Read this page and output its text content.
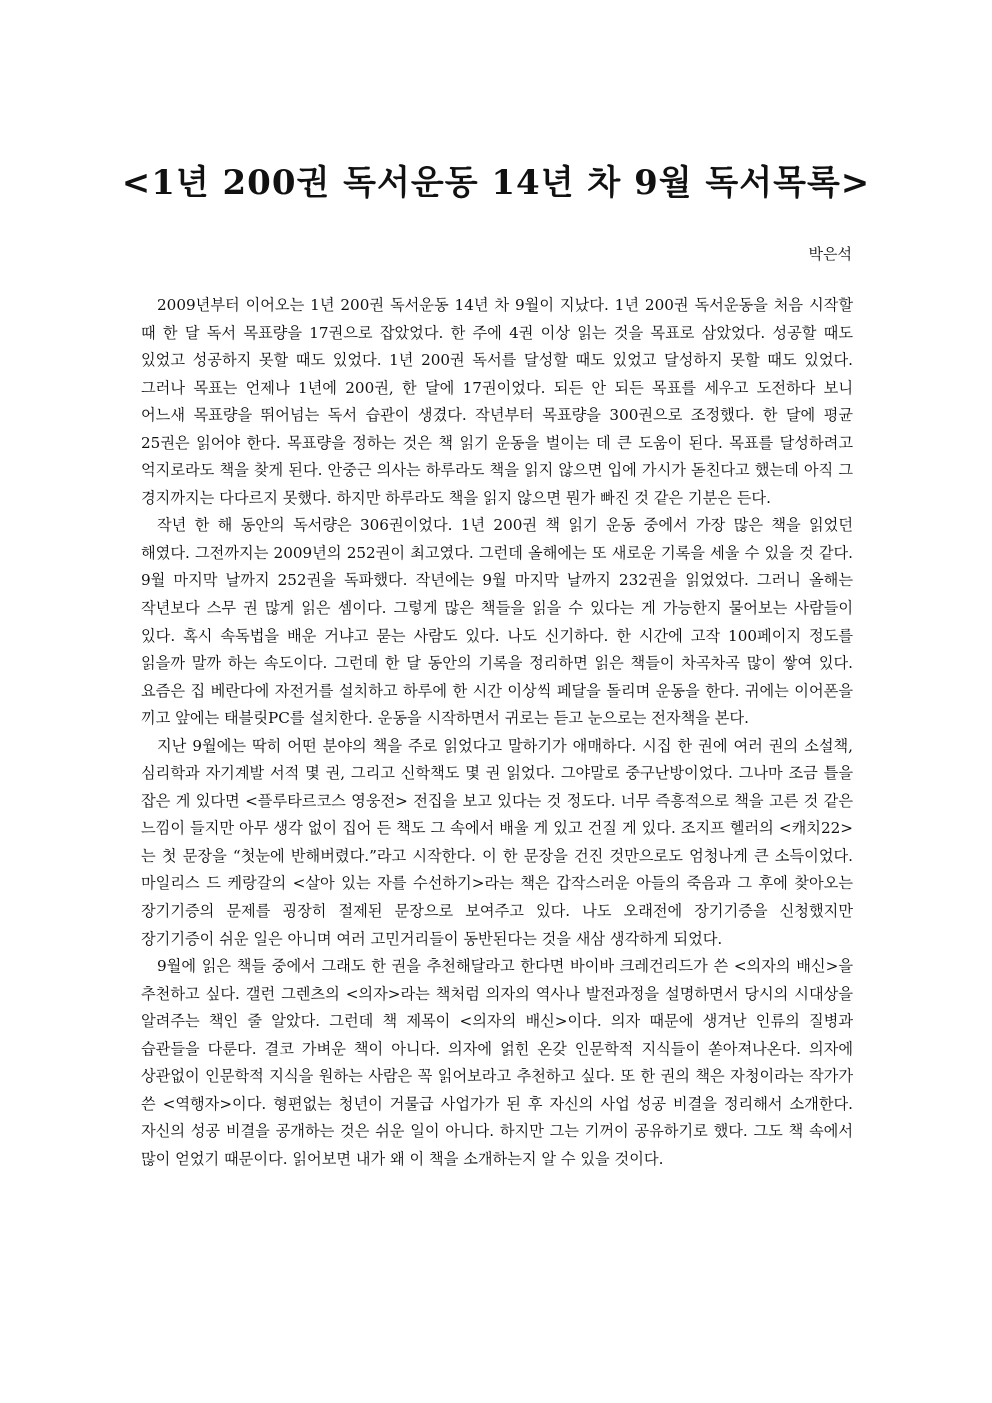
<1년 200권 독서운동 14년 차 9월 독서목록>
박은석

2009년부터 이어오는 1년 200권 독서운동 14년 차 9월이 지났다. 1년 200권 독서운동을 처음 시작할 때 한 달 독서 목표량을 17권으로 잡았었다. 한 주에 4권 이상 읽는 것을 목표로 삼았었다. 성공할 때도 있었고 성공하지 못할 때도 있었다. 1년 200권 독서를 달성할 때도 있었고 달성하지 못할 때도 있었다. 그러나 목표는 언제나 1년에 200권, 한 달에 17권이었다. 되든 안 되든 목표를 세우고 도전하다 보니 어느새 목표량을 뛰어넘는 독서 습관이 생겼다. 작년부터 목표량을 300권으로 조정했다. 한 달에 평균 25권은 읽어야 한다. 목표량을 정하는 것은 책 읽기 운동을 벌이는 데 큰 도움이 된다. 목표를 달성하려고 억지로라도 책을 찾게 된다. 안중근 의사는 하루라도 책을 읽지 않으면 입에 가시가 돋친다고 했는데 아직 그 경지까지는 다다르지 못했다. 하지만 하루라도 책을 읽지 않으면 뭔가 빠진 것 같은 기분은 든다.

작년 한 해 동안의 독서량은 306권이었다. 1년 200권 책 읽기 운동 중에서 가장 많은 책을 읽었던 해였다. 그전까지는 2009년의 252권이 최고였다. 그런데 올해에는 또 새로운 기록을 세울 수 있을 것 같다. 9월 마지막 날까지 252권을 독파했다. 작년에는 9월 마지막 날까지 232권을 읽었었다. 그러니 올해는 작년보다 스무 권 많게 읽은 셈이다. 그렇게 많은 책들을 읽을 수 있다는 게 가능한지 물어보는 사람들이 있다. 혹시 속독법을 배운 거냐고 묻는 사람도 있다. 나도 신기하다. 한 시간에 고작 100페이지 정도를 읽을까 말까 하는 속도이다. 그런데 한 달 동안의 기록을 정리하면 읽은 책들이 차곡차곡 많이 쌓여 있다. 요즘은 집 베란다에 자전거를 설치하고 하루에 한 시간 이상씩 페달을 돌리며 운동을 한다. 귀에는 이어폰을 끼고 앞에는 태블릿PC를 설치한다. 운동을 시작하면서 귀로는 듣고 눈으로는 전자책을 본다.

지난 9월에는 딱히 어떤 분야의 책을 주로 읽었다고 말하기가 애매하다. 시집 한 권에 여러 권의 소설책, 심리학과 자기계발 서적 몇 권, 그리고 신학책도 몇 권 읽었다. 그야말로 중구난방이었다. 그나마 조금 틀을 잡은 게 있다면 <플루타르코스 영웅전> 전집을 보고 있다는 것 정도다. 너무 즉흥적으로 책을 고른 것 같은 느낌이 들지만 아무 생각 없이 집어 든 책도 그 속에서 배울 게 있고 건질 게 있다. 조지프 헬러의 <캐치22>는 첫 문장을 “첫눈에 반해버렸다.”라고 시작한다. 이 한 문장을 건진 것만으로도 엄청나게 큰 소득이었다. 마일리스 드 케랑갈의 <살아 있는 자를 수선하기>라는 책은 갑작스러운 아들의 죽음과 그 후에 찾아오는 장기기증의 문제를 굉장히 절제된 문장으로 보여주고 있다. 나도 오래전에 장기기증을 신청했지만 장기기증이 쉬운 일은 아니며 여러 고민거리들이 동반된다는 것을 새삼 생각하게 되었다.

9월에 읽은 책들 중에서 그래도 한 권을 추천해달라고 한다면 바이바 크레건리드가 쓴 <의자의 배신>을 추천하고 싶다. 갤런 그렌츠의 <의자>라는 책처럼 의자의 역사나 발전과정을 설명하면서 당시의 시대상을 알려주는 책인 줄 알았다. 그런데 책 제목이 <의자의 배신>이다. 의자 때문에 생겨난 인류의 질병과 습관들을 다룬다. 결코 가벼운 책이 아니다. 의자에 얽힌 온갖 인문학적 지식들이 쏟아져나온다. 의자에 상관없이 인문학적 지식을 원하는 사람은 꼭 읽어보라고 추천하고 싶다. 또 한 권의 책은 자청이라는 작가가 쓴 <역행자>이다. 형편없는 청년이 거물급 사업가가 된 후 자신의 사업 성공 비결을 정리해서 소개한다. 자신의 성공 비결을 공개하는 것은 쉬운 일이 아니다. 하지만 그는 기꺼이 공유하기로 했다. 그도 책 속에서 많이 얻었기 때문이다. 읽어보면 내가 왜 이 책을 소개하는지 알 수 있을 것이다.
